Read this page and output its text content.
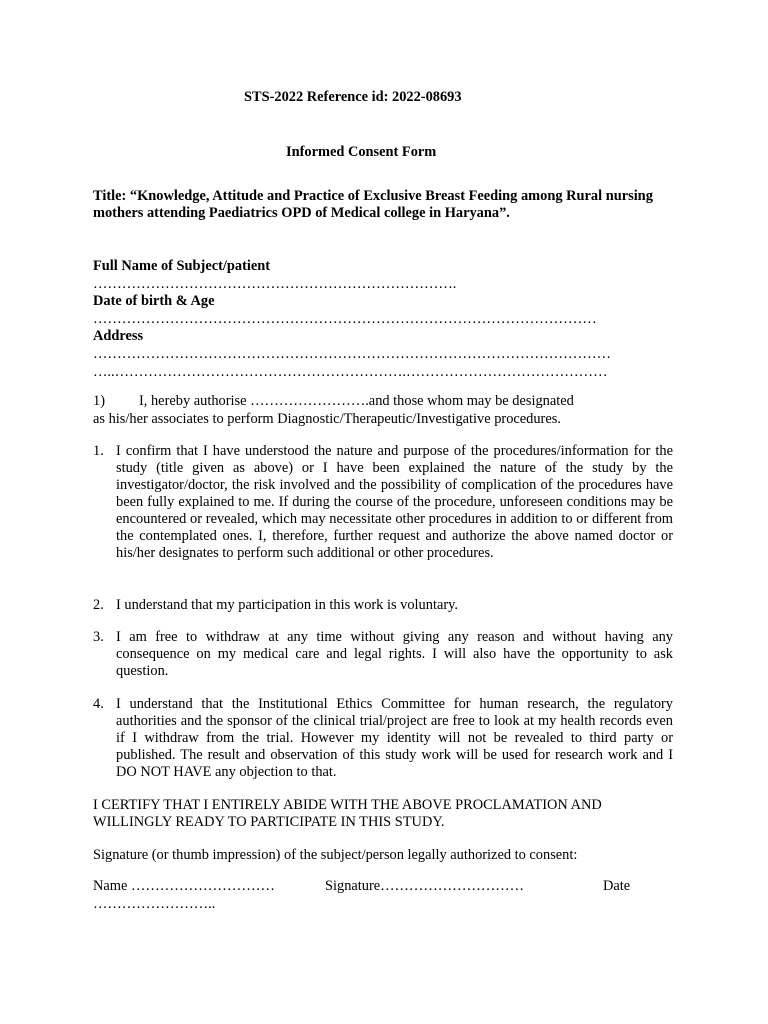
STS-2022 Reference id: 2022-08693
Informed Consent Form
Title: “Knowledge, Attitude and Practice of Exclusive Breast Feeding among Rural nursing mothers attending Paediatrics OPD of Medical college in Haryana”.
Full Name of Subject/patient
………………………………………………………………….
Date of birth & Age
……………………………………………………………………………………………
Address
………………………………………………………………………………………………
…..…………………………………………………….……………………………………
1) I, hereby authorise …………………….and those whom may be designated
as his/her associates to perform Diagnostic/Therapeutic/Investigative procedures.
1. I confirm that I have understood the nature and purpose of the procedures/information for the study (title given as above) or I have been explained the nature of the study by the investigator/doctor, the risk involved and the possibility of complication of the procedures have been fully explained to me. If during the course of the procedure, unforeseen conditions may be encountered or revealed, which may necessitate other procedures in addition to or different from the contemplated ones. I, therefore, further request and authorize the above named doctor or his/her designates to perform such additional or other procedures.
2. I understand that my participation in this work is voluntary.
3. I am free to withdraw at any time without giving any reason and without having any consequence on my medical care and legal rights. I will also have the opportunity to ask question.
4. I understand that the Institutional Ethics Committee for human research, the regulatory authorities and the sponsor of the clinical trial/project are free to look at my health records even if I withdraw from the trial. However my identity will not be revealed to third party or published. The result and observation of this study work will be used for research work and I DO NOT HAVE any objection to that.
I CERTIFY THAT I ENTIRELY ABIDE WITH THE ABOVE PROCLAMATION AND WILLINGLY READY TO PARTICIPATE IN THIS STUDY.
Signature (or thumb impression) of the subject/person legally authorized to consent:
Name …………………………	Signature…………………………	Date
……………………..
